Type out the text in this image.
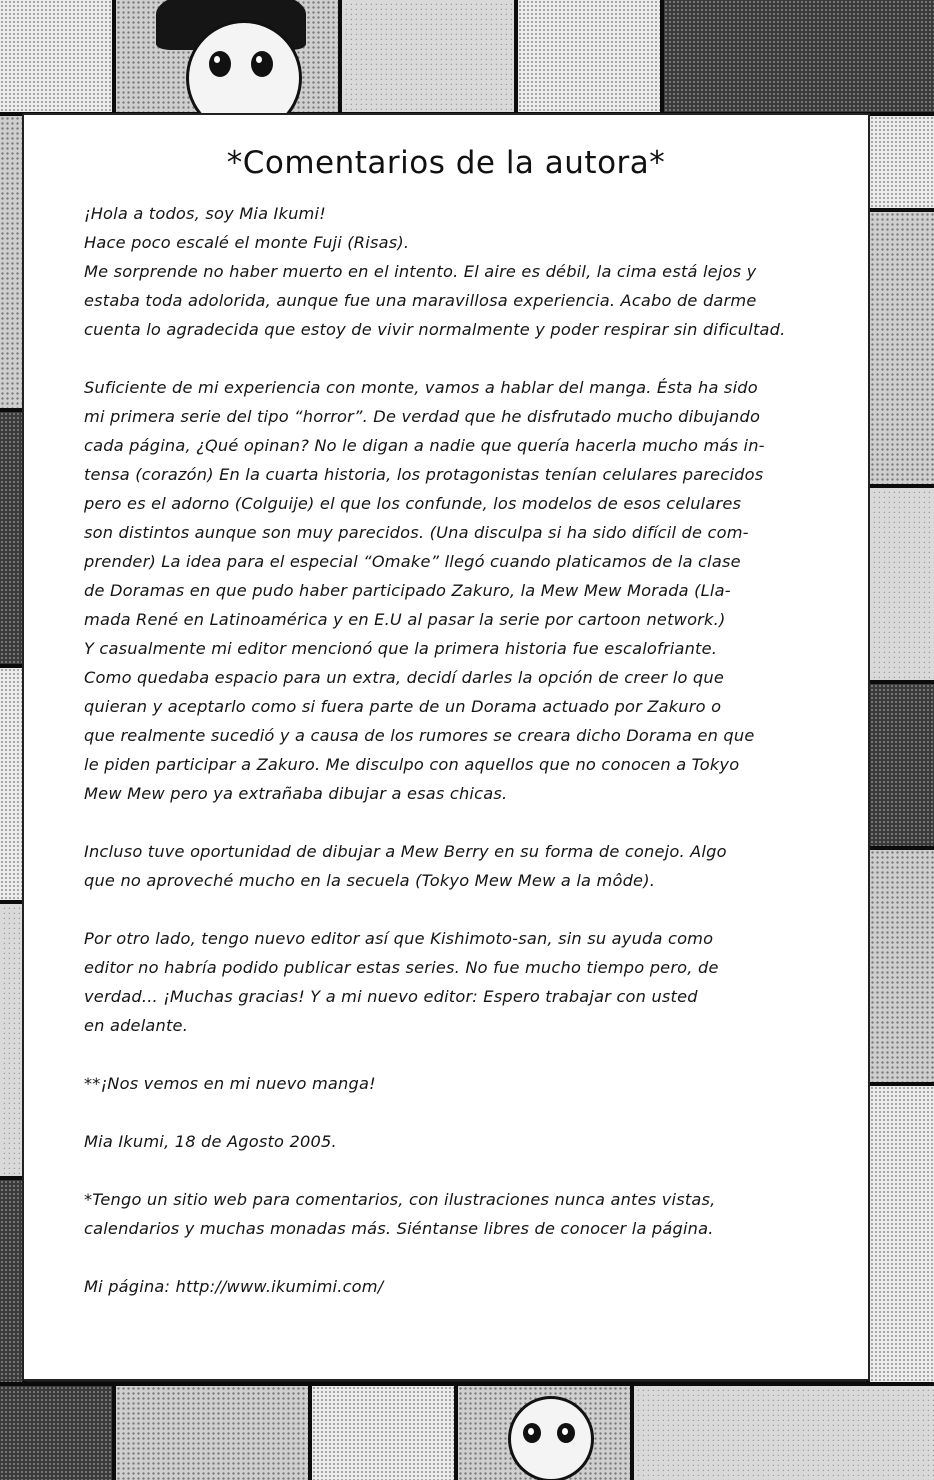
*Comentarios de la autora*

¡Hola a todos, soy Mia Ikumi!
Hace poco escalé el monte Fuji (Risas).
Me sorprende no haber muerto en el intento. El aire es débil, la cima está lejos y
estaba toda adolorida, aunque fue una maravillosa experiencia. Acabo de darme
cuenta lo agradecida que estoy de vivir normalmente y poder respirar sin dificultad.

Suficiente de mi experiencia con monte, vamos a hablar del manga. Ésta ha sido
mi primera serie del tipo “horror”. De verdad que he disfrutado mucho dibujando
cada página, ¿Qué opinan? No le digan a nadie que quería hacerla mucho más in-
tensa (corazón) En la cuarta historia, los protagonistas tenían celulares parecidos
pero es el adorno (Colguije) el que los confunde, los modelos de esos celulares
son distintos aunque son muy parecidos. (Una disculpa si ha sido difícil de com-
prender) La idea para el especial “Omake” llegó cuando platicamos de la clase
de Doramas en que pudo haber participado Zakuro, la Mew Mew Morada (Lla-
mada René en Latinoamérica y en E.U al pasar la serie por cartoon network.)
Y casualmente mi editor mencionó que la primera historia fue escalofriante.
Como quedaba espacio para un extra, decidí darles la opción de creer lo que
quieran y aceptarlo como si fuera parte de un Dorama actuado por Zakuro o
que realmente sucedió y a causa de los rumores se creara dicho Dorama en que
le piden participar a Zakuro. Me disculpo con aquellos que no conocen a Tokyo
Mew Mew pero ya extrañaba dibujar a esas chicas.

Incluso tuve oportunidad de dibujar a Mew Berry en su forma de conejo. Algo
que no aproveché mucho en la secuela (Tokyo Mew Mew a la môde).

Por otro lado, tengo nuevo editor así que Kishimoto-san, sin su ayuda como
editor no habría podido publicar estas series. No fue mucho tiempo pero, de
verdad... ¡Muchas gracias! Y a mi nuevo editor: Espero trabajar con usted
en adelante.

**¡Nos vemos en mi nuevo manga!

Mia Ikumi, 18 de Agosto 2005.

*Tengo un sitio web para comentarios, con ilustraciones nunca antes vistas,
calendarios y muchas monadas más. Siéntanse libres de conocer la página.

Mi página: http://www.ikumimi.com/
